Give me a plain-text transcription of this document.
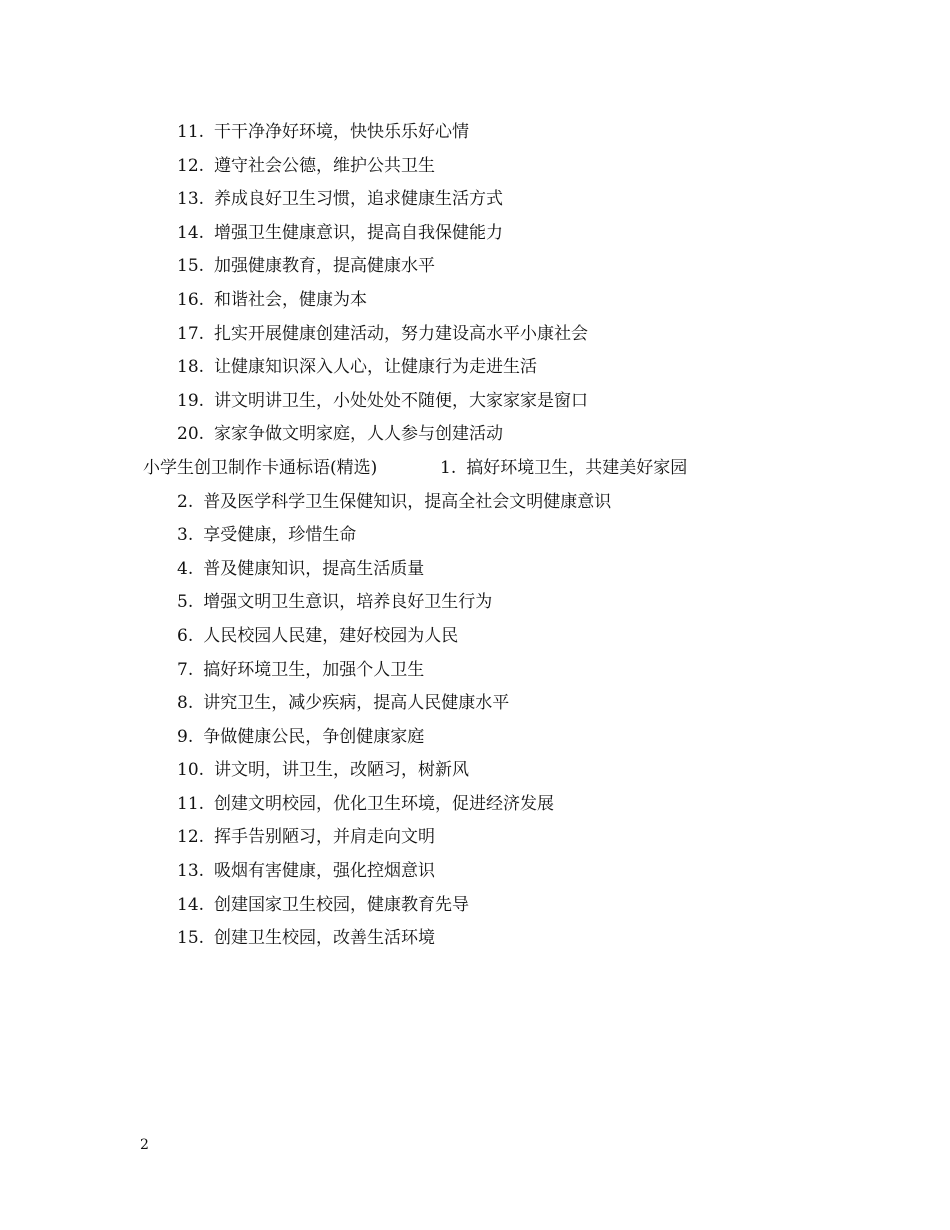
11. 干干净净好环境，快快乐乐好心情
12. 遵守社会公德，维护公共卫生
13. 养成良好卫生习惯，追求健康生活方式
14. 增强卫生健康意识，提高自我保健能力
15. 加强健康教育，提高健康水平
16. 和谐社会，健康为本
17. 扎实开展健康创建活动，努力建设高水平小康社会
18. 让健康知识深入人心，让健康行为走进生活
19. 讲文明讲卫生，小处处处不随便，大家家家是窗口
20. 家家争做文明家庭，人人参与创建活动
小学生创卫制作卡通标语(精选)	1. 搞好环境卫生，共建美好家园
2. 普及医学科学卫生保健知识，提高全社会文明健康意识
3. 享受健康，珍惜生命
4. 普及健康知识，提高生活质量
5. 增强文明卫生意识，培养良好卫生行为
6. 人民校园人民建，建好校园为人民
7. 搞好环境卫生，加强个人卫生
8. 讲究卫生，减少疾病，提高人民健康水平
9. 争做健康公民，争创健康家庭
10. 讲文明，讲卫生，改陋习，树新风
11. 创建文明校园，优化卫生环境，促进经济发展
12. 挥手告别陋习，并肩走向文明
13. 吸烟有害健康，强化控烟意识
14. 创建国家卫生校园，健康教育先导
15. 创建卫生校园，改善生活环境
2
